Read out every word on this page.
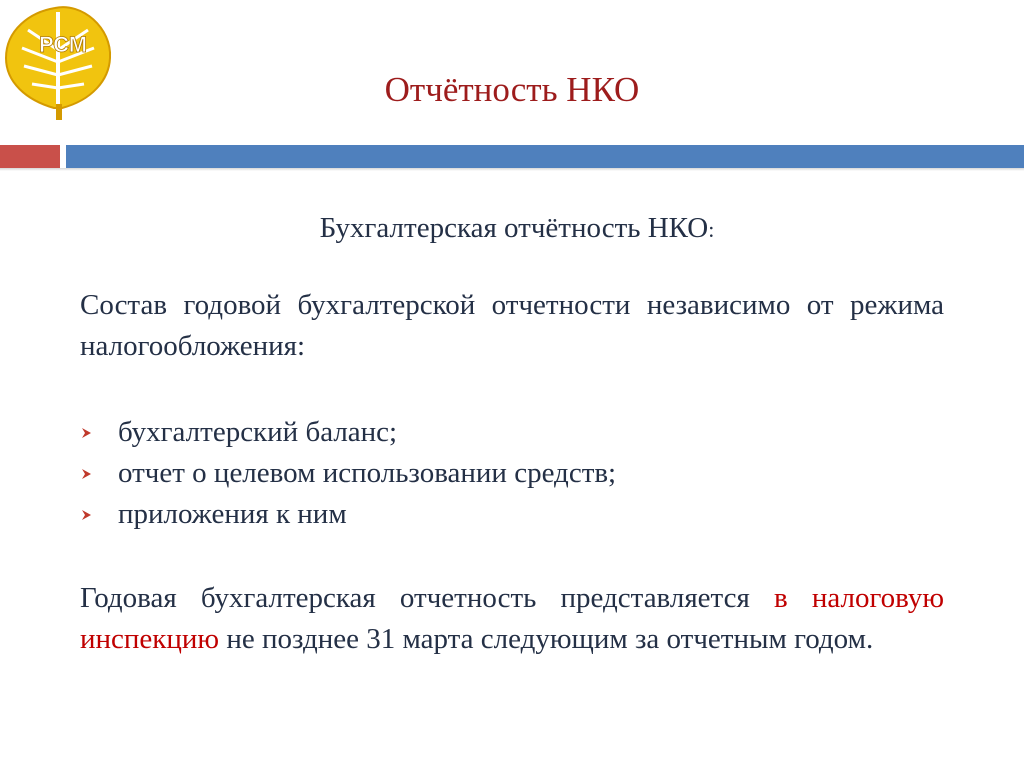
РСМ
Отчётность НКО
Бухгалтерская отчётность НКО:
Состав годовой бухгалтерской отчетности независимо от режима налогообложения:
бухгалтерский баланс;
отчет о целевом использовании средств;
приложения к ним
Годовая бухгалтерская отчетность представляется в налоговую инспекцию не позднее 31 марта следующим за отчетным годом.
